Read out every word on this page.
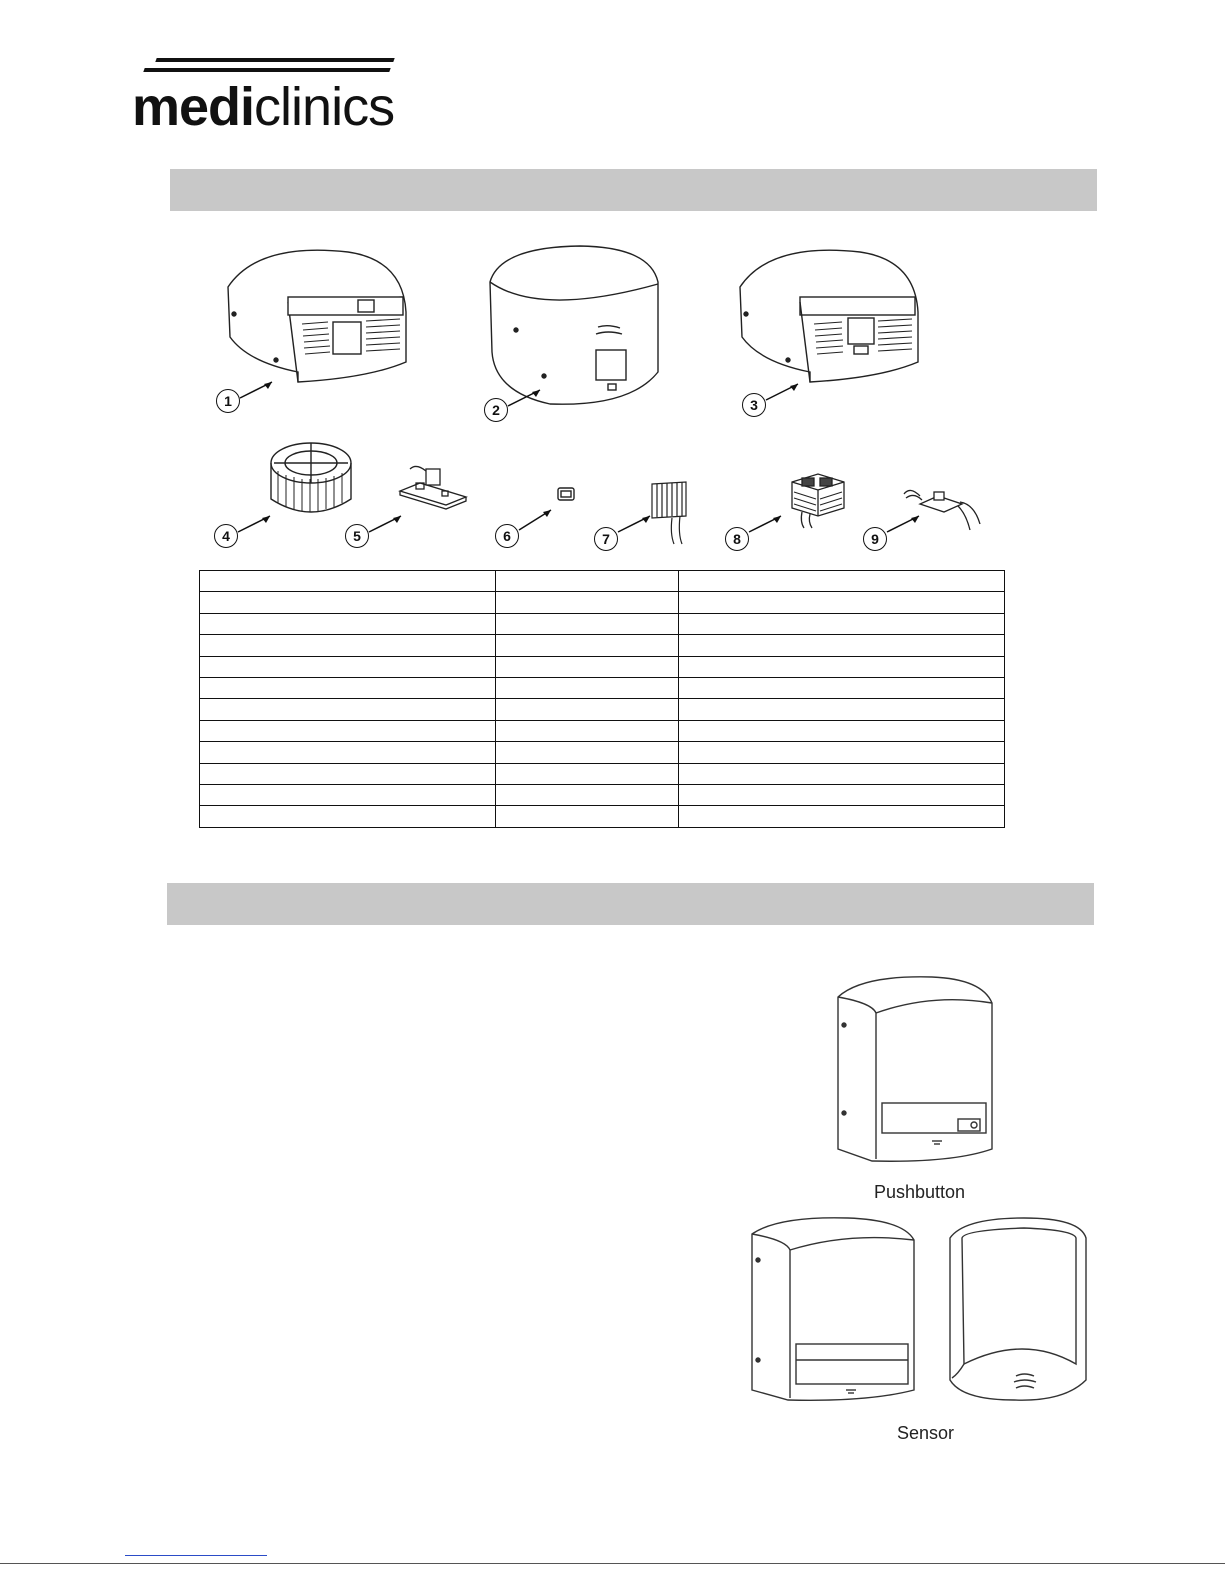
mediclinics
1
2	3
4	5	6	7	8	9

Pushbutton
Sensor
